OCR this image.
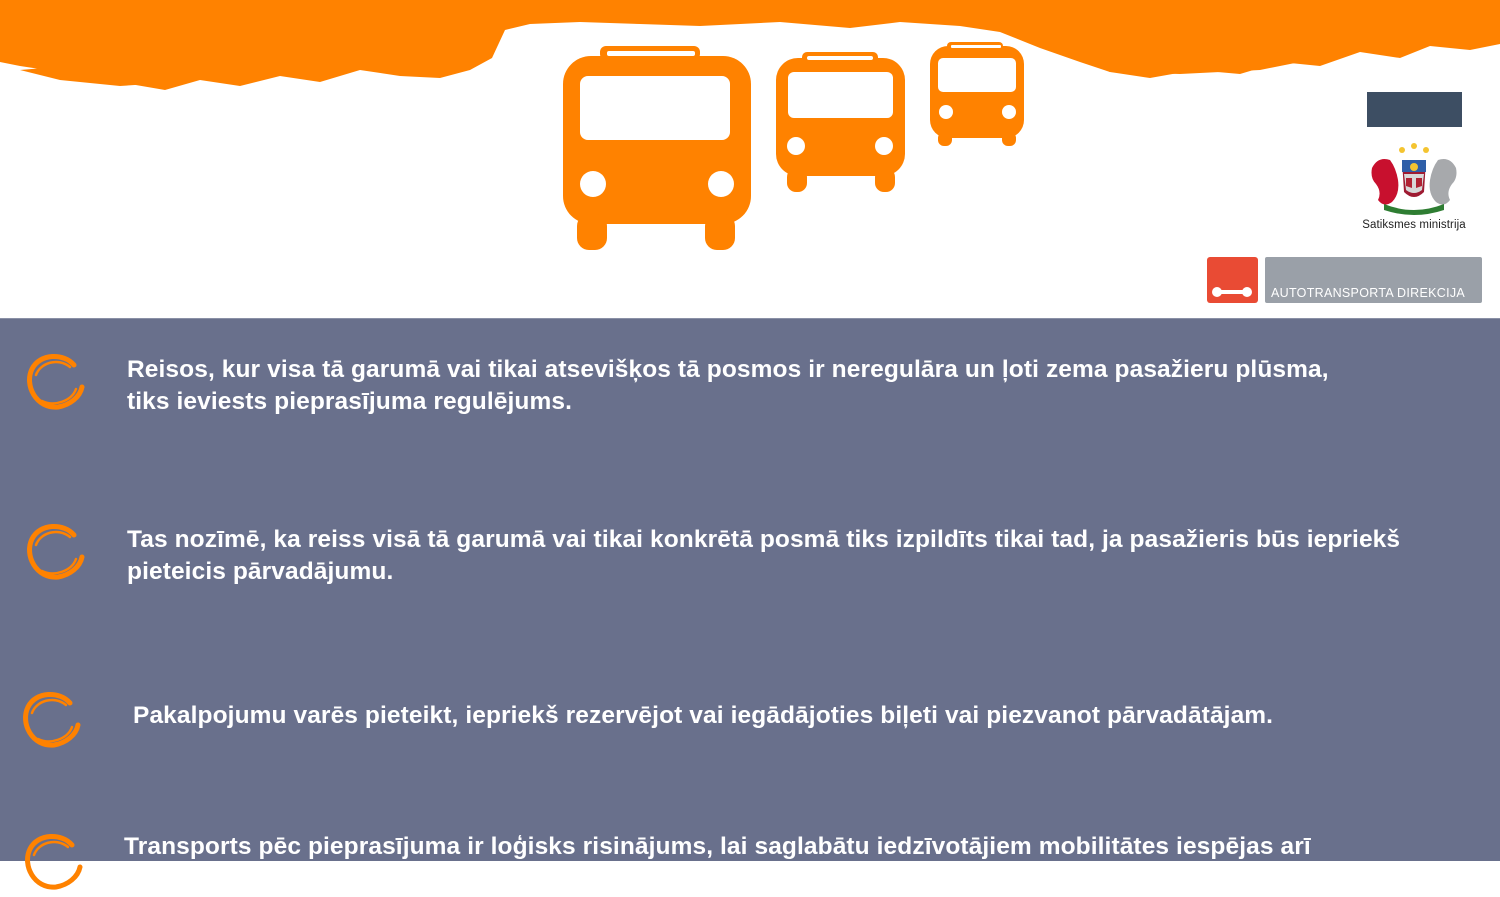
Satiksmes ministrija
AUTOTRANSPORTA DIREKCIJA
Reisos, kur visa tā garumā vai tikai atsevišķos tā posmos ir neregulāra un ļoti zema pasažieru plūsma,
tiks ieviests pieprasījuma regulējums.
Tas nozīmē, ka reiss visā tā garumā vai tikai konkrētā posmā tiks izpildīts tikai tad, ja pasažieris būs iepriekš
pieteicis pārvadājumu.
Pakalpojumu varēs pieteikt, iepriekš rezervējot vai iegādājoties biļeti vai piezvanot pārvadātājam.
Transports pēc pieprasījuma ir loģisks risinājums, lai saglabātu iedzīvotājiem mobilitātes iespējas arī
